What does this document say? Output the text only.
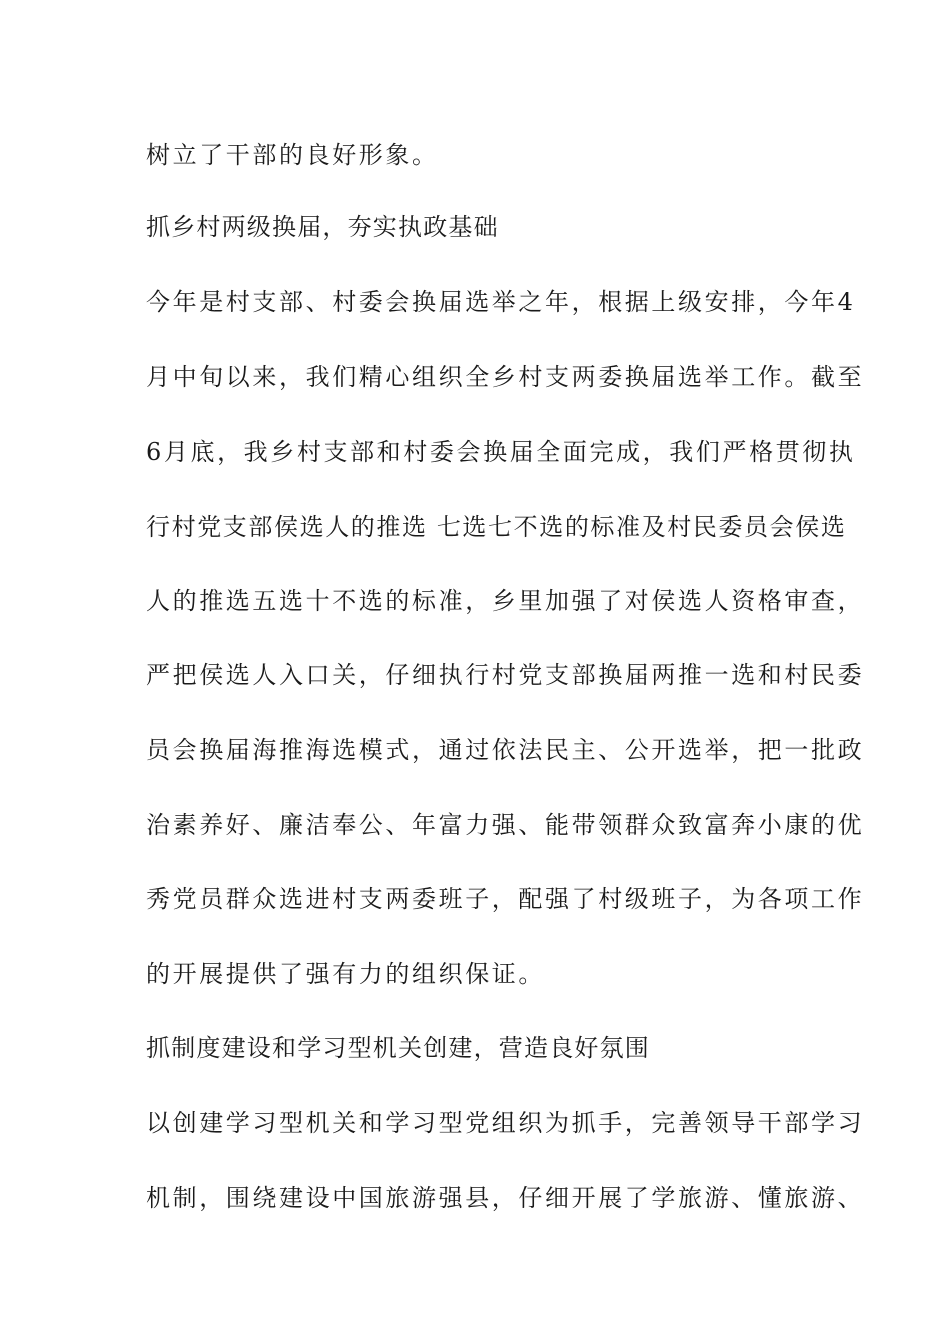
树立了干部的良好形象。
抓乡村两级换届，夯实执政基础
今年是村支部、村委会换届选举之年，根据上级安排，今年4
月中旬以来，我们精心组织全乡村支两委换届选举工作。截至
6月底，我乡村支部和村委会换届全面完成，我们严格贯彻执
行村党支部侯选人的推选 七选七不选的标准及村民委员会侯选
人的推选五选十不选的标准，乡里加强了对侯选人资格审查，
严把侯选人入口关，仔细执行村党支部换届两推一选和村民委
员会换届海推海选模式，通过依法民主、公开选举，把一批政
治素养好、廉洁奉公、年富力强、能带领群众致富奔小康的优
秀党员群众选进村支两委班子，配强了村级班子，为各项工作
的开展提供了强有力的组织保证。
抓制度建设和学习型机关创建，营造良好氛围
以创建学习型机关和学习型党组织为抓手，完善领导干部学习
机制，围绕建设中国旅游强县，仔细开展了学旅游、懂旅游、
